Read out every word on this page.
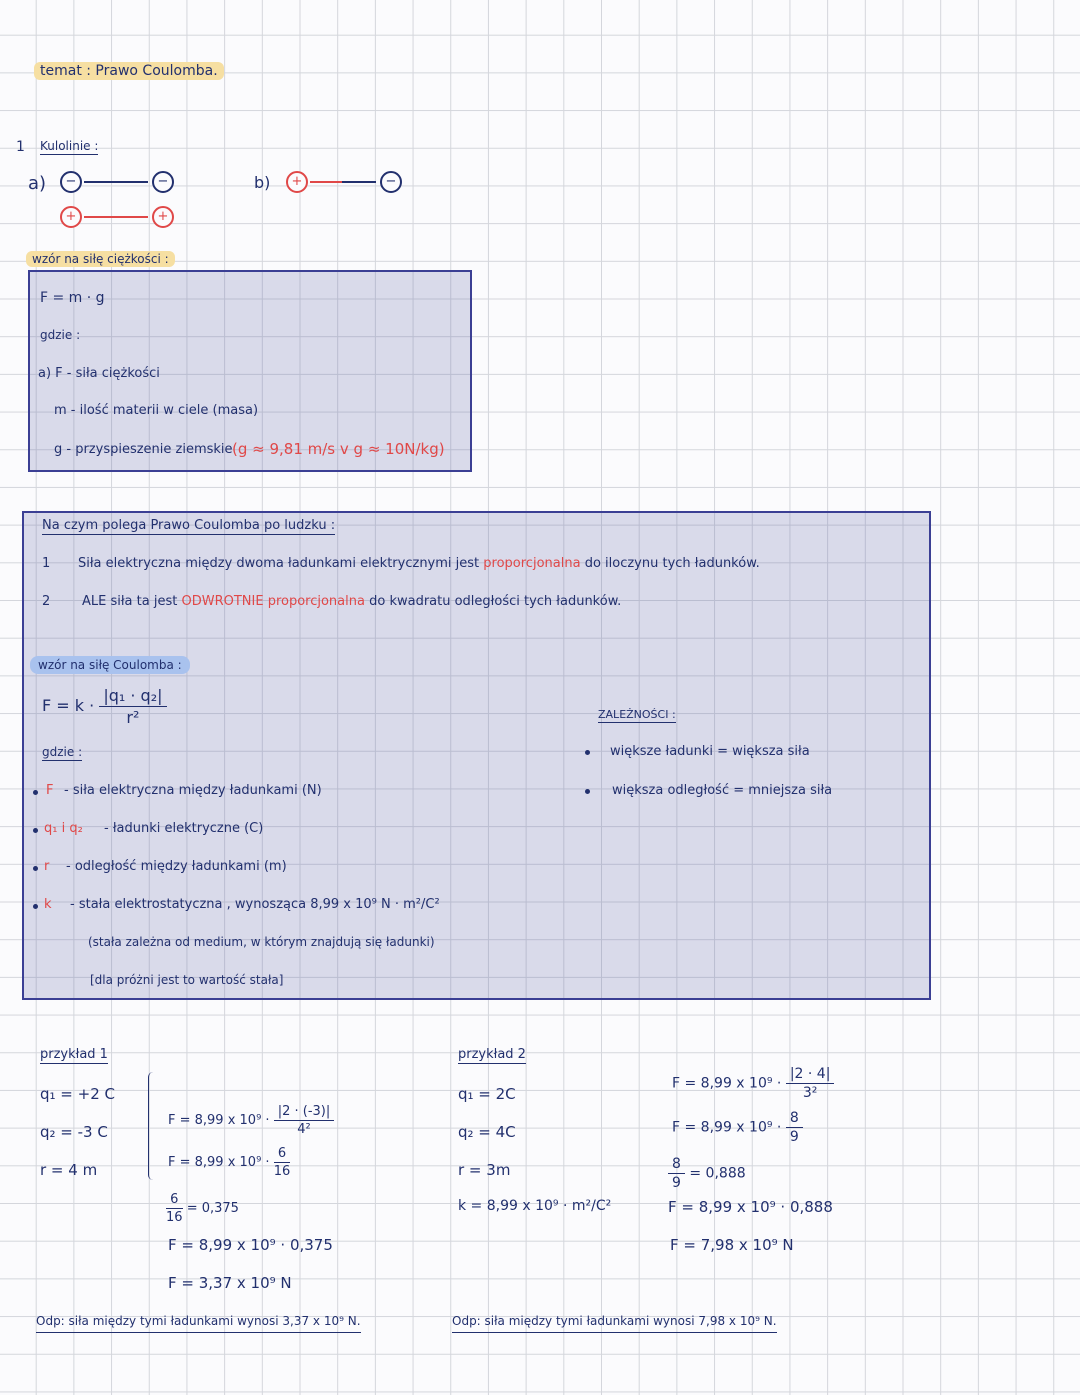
temat : Prawo Coulomba.
1 Kulolinie :
a)	−	−
+	+
b)	+	−
wzór na siłę ciężkości :
F = m · g
gdzie :
a) F - siła ciężkości
m - ilość materii w ciele (masa)
g - przyspieszenie ziemskie (g ≈ 9,81 m/s v g ≈ 10N/kg)
Na czym polega Prawo Coulomba po ludzku :
1 Siła elektryczna między dwoma ładunkami elektrycznymi jest proporcjonalna do iloczynu tych ładunków.
2 ALE siła ta jest ODWROTNIE proporcjonalna do kwadratu odległości tych ładunków.
wzór na siłę Coulomba :
$F = k \cdot \frac{\text{|q₁ · q₂|}}{\text{r²}}$
gdzie :
F - siła elektryczna między ładunkami (N)
q₁ i q₂ - ładunki elektryczne (C)
r - odległość między ładunkami (m)
k - stała elektrostatyczna , wynosząca 8,99 x 10⁹ N · m²/C²
(stała zależna od medium, w którym znajdują się ładunki)
[dla próżni jest to wartość stała]
ZALEŻNOŚCI :
większe ładunki = większa siła
większa odległość = mniejsza siła
przykład 1
q₁ = +2 C
q₂ = -3 C
r = 4 m
F = 8,99 x $10^9 \cdot \frac{|2 \cdot (-3)|}{\text{4²}}$
F = 8,99 x $10^9 \cdot \frac{6}{16}$
$\frac{6}{16} = 0,375$
F = 8,99 x 10⁹ · 0,375
F = 3,37 x 10⁹ N
Odp: siła między tymi ładunkami wynosi 3,37 x 10⁹ N.
przykład 2
q₁ = 2C
q₂ = 4C
r = 3m
k = 8,99 x 10⁹ · m²/C²
F = 8,99 x $10^9 \cdot \frac{|2 \cdot 4|}{\text{3²}}$
F = 8,99 x $10^9 \cdot \frac{8}{9}$
$\frac{8}{9} = 0,888$
F = 8,99 x 10⁹ · 0,888
F = 7,98 x 10⁹ N
Odp: siła między tymi ładunkami wynosi 7,98 x 10⁹ N.
